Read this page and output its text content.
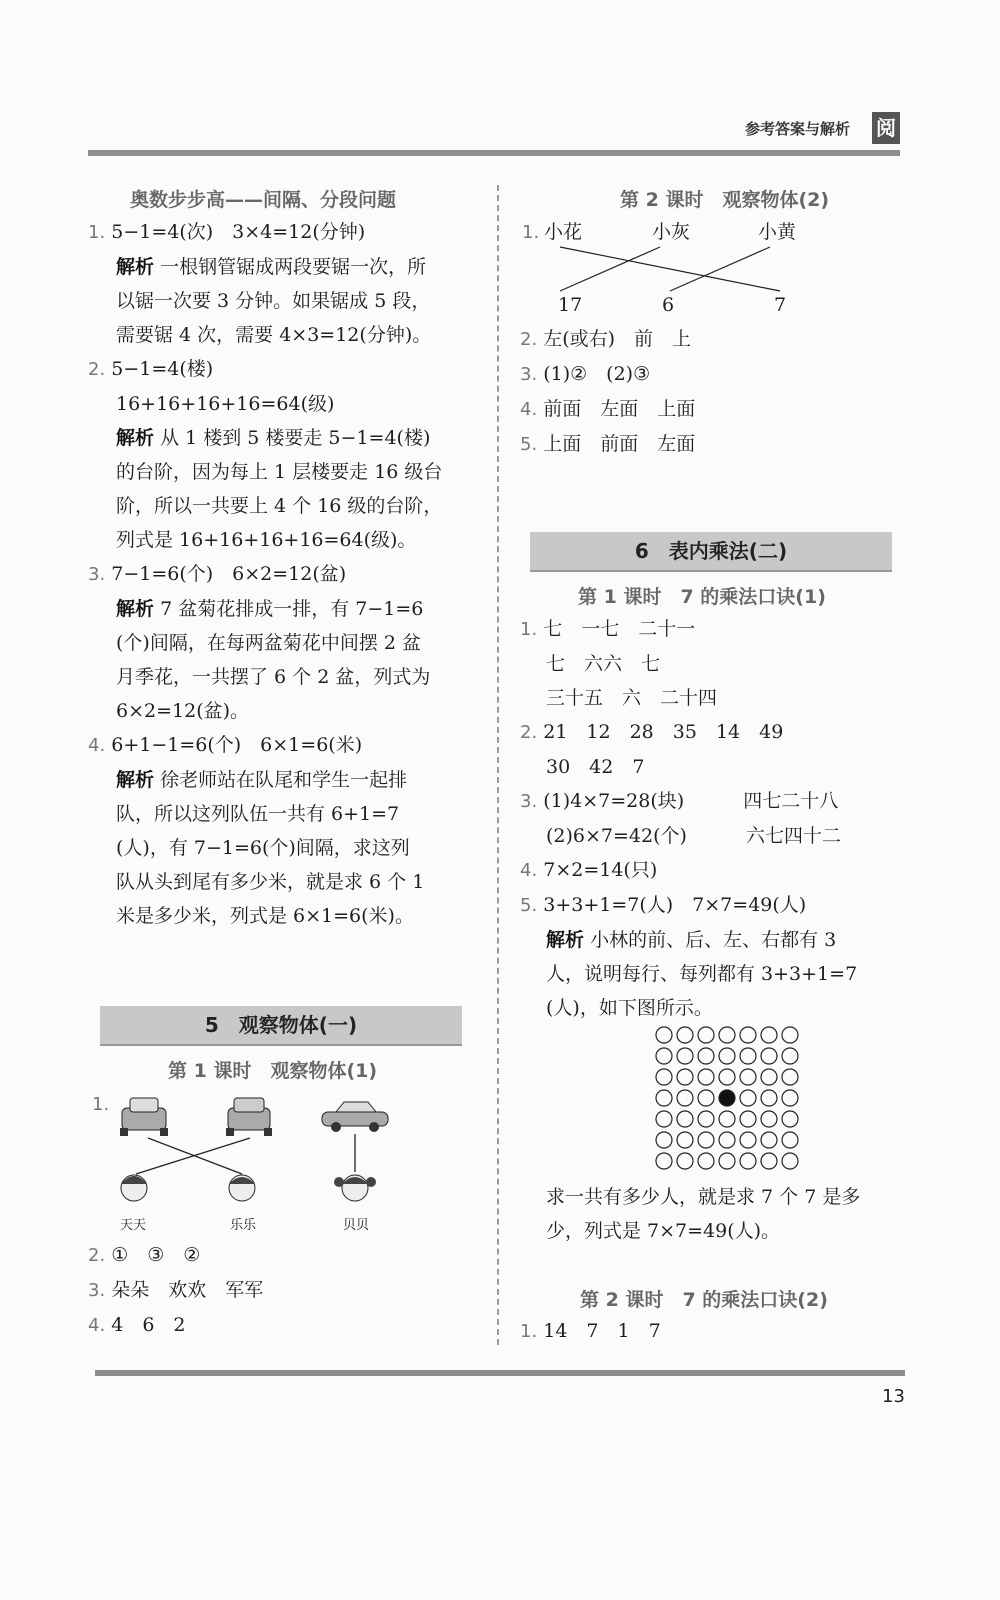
参考答案与解析 阅
奥数步步高——间隔、分段问题
1. 5−1=4(次)　3×4=12(分钟)
解析 一根钢管锯成两段要锯一次，所
以锯一次要 3 分钟。如果锯成 5 段，
需要锯 4 次，需要 4×3=12(分钟)。
2. 5−1=4(楼)
16+16+16+16=64(级)
解析 从 1 楼到 5 楼要走 5−1=4(楼)
的台阶，因为每上 1 层楼要走 16 级台
阶，所以一共要上 4 个 16 级的台阶，
列式是 16+16+16+16=64(级)。
3. 7−1=6(个)　6×2=12(盆)
解析 7 盆菊花排成一排，有 7−1=6
(个)间隔，在每两盆菊花中间摆 2 盆
月季花，一共摆了 6 个 2 盆，列式为
6×2=12(盆)。
4. 6+1−1=6(个)　6×1=6(米)
解析 徐老师站在队尾和学生一起排
队，所以这列队伍一共有 6+1=7
(人)，有 7−1=6(个)间隔，求这列
队从头到尾有多少米，就是求 6 个 1
米是多少米，列式是 6×1=6(米)。
5　观察物体(一)
第 1 课时　观察物体(1)
1.
天天	乐乐	贝贝
2. ①　③　②
3. 朵朵　欢欢　军军
4. 4　6　2
第 2 课时　观察物体(2)
1. 小花	小灰	小黄
17	6	7
2. 左(或右)　前　上
3. (1)②　(2)③
4. 前面　左面　上面
5. 上面　前面　左面
6　表内乘法(二)
第 1 课时　7 的乘法口诀(1)
1. 七　一七　二十一
七　六六　七
三十五　六　二十四
2. 21　12　28　35　14　49
30　42　7
3. (1)4×7=28(块)	四七二十八
(2)6×7=42(个)	六七四十二
4. 7×2=14(只)
5. 3+3+1=7(人)　7×7=49(人)
解析 小林的前、后、左、右都有 3
人，说明每行、每列都有 3+3+1=7
(人)，如下图所示。
求一共有多少人，就是求 7 个 7 是多
少，列式是 7×7=49(人)。
第 2 课时　7 的乘法口诀(2)
1. 14　7　1　7
13
